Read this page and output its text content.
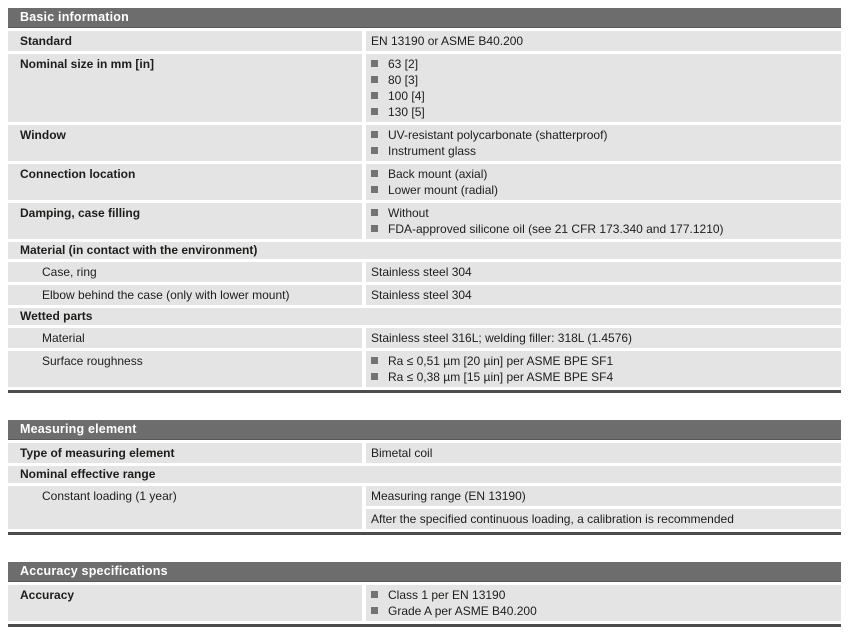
Basic information
Standard	EN 13190 or ASME B40.200
Nominal size in mm [in]	63 [2]
80 [3]
100 [4]
130 [5]
Window	UV-resistant polycarbonate (shatterproof)
Instrument glass
Connection location	Back mount (axial)
Lower mount (radial)
Damping, case filling	Without
FDA-approved silicone oil (see 21 CFR 173.340 and 177.1210)
Material (in contact with the environment)
Case, ring	Stainless steel 304
Elbow behind the case (only with lower mount)	Stainless steel 304
Wetted parts
Material	Stainless steel 316L; welding filler: 318L (1.4576)
Surface roughness	Ra ≤ 0,51 µm [20 µin] per ASME BPE SF1
Ra ≤ 0,38 µm [15 µin] per ASME BPE SF4
Measuring element
Type of measuring element	Bimetal coil
Nominal effective range
Constant loading (1 year)	Measuring range (EN 13190)
After the specified continuous loading, a calibration is recommended
Accuracy specifications
Accuracy	Class 1 per EN 13190
Grade A per ASME B40.200
